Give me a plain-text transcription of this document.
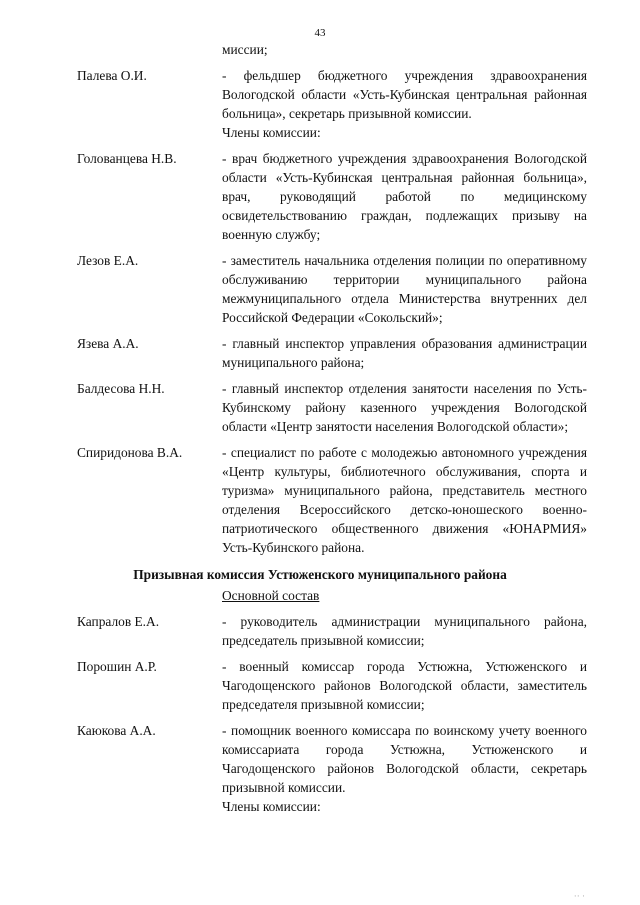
43
миссии;
Палева О.И.	- фельдшер бюджетного учреждения здравоохранения Вологодской области «Усть-Кубинская центральная районная больница», секретарь призывной комиссии.
Члены комиссии:
Голованцева Н.В.	- врач бюджетного учреждения здравоохранения Вологодской области «Усть-Кубинская центральная районная больница», врач, руководящий работой по медицинскому освидетельствованию граждан, подлежащих призыву на военную службу;
Лезов Е.А.	- заместитель начальника отделения полиции по оперативному обслуживанию территории муниципального района межмуниципального отдела Министерства внутренних дел Российской Федерации «Сокольский»;
Язева А.А.	- главный инспектор управления образования администрации муниципального района;
Балдесова Н.Н.	- главный инспектор отделения занятости населения по Усть-Кубинскому району казенного учреждения Вологодской области «Центр занятости населения Вологодской области»;
Спиридонова В.А.	- специалист по работе с молодежью автономного учреждения «Центр культуры, библиотечного обслуживания, спорта и туризма» муниципального района, представитель местного отделения Всероссийского детско-юношеского военно-патриотического общественного движения «ЮНАРМИЯ» Усть-Кубинского района.
Призывная комиссия Устюженского муниципального района
Основной состав
Капралов Е.А.	- руководитель администрации муниципального района, председатель призывной комиссии;
Порошин А.Р.	- военный комиссар города Устюжна, Устюженского и Чагодощенского районов Вологодской области, заместитель председателя призывной комиссии;
Каюкова А.А.	- помощник военного комиссара по воинскому учету военного комиссариата города Устюжна, Устюженского и Чагодощенского районов Вологодской области, секретарь призывной комиссии.
Члены комиссии:
·· ·
